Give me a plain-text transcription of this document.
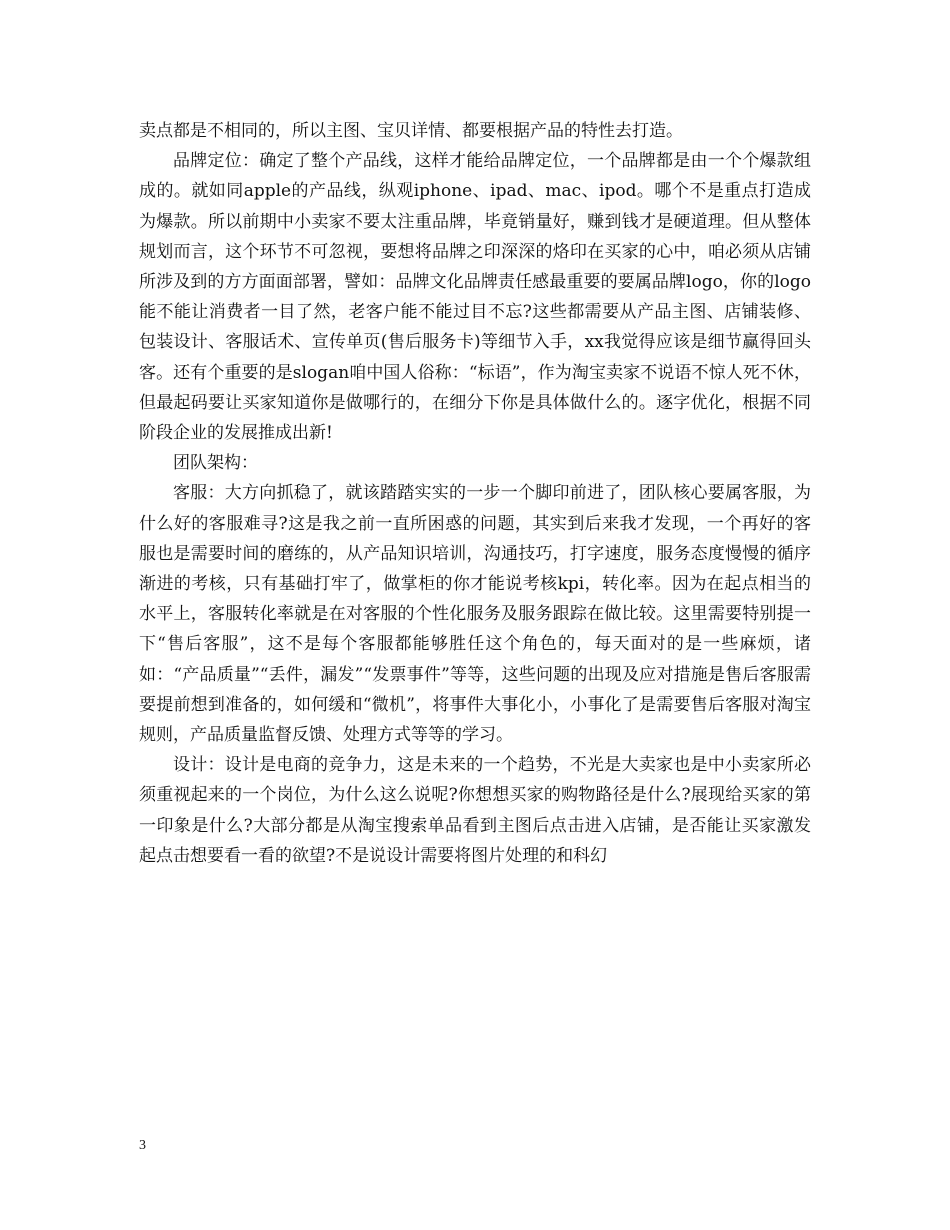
卖点都是不相同的，所以主图、宝贝详情、都要根据产品的特性去打造。

品牌定位：确定了整个产品线，这样才能给品牌定位，一个品牌都是由一个个爆款组成的。就如同apple的产品线，纵观iphone、ipad、mac、ipod。哪个不是重点打造成为爆款。所以前期中小卖家不要太注重品牌，毕竟销量好，赚到钱才是硬道理。但从整体规划而言，这个环节不可忽视，要想将品牌之印深深的烙印在买家的心中，咱必须从店铺所涉及到的方方面面部署，譬如：品牌文化品牌责任感最重要的要属品牌logo，你的logo能不能让消费者一目了然，老客户能不能过目不忘?这些都需要从产品主图、店铺装修、包装设计、客服话术、宣传单页(售后服务卡)等细节入手，xx我觉得应该是细节赢得回头客。还有个重要的是slogan咱中国人俗称：“标语”，作为淘宝卖家不说语不惊人死不休，但最起码要让买家知道你是做哪行的，在细分下你是具体做什么的。逐字优化，根据不同阶段企业的发展推成出新!

团队架构：

客服：大方向抓稳了，就该踏踏实实的一步一个脚印前进了，团队核心要属客服，为什么好的客服难寻?这是我之前一直所困惑的问题，其实到后来我才发现，一个再好的客服也是需要时间的磨练的，从产品知识培训，沟通技巧，打字速度，服务态度慢慢的循序渐进的考核，只有基础打牢了，做掌柜的你才能说考核kpi，转化率。因为在起点相当的水平上，客服转化率就是在对客服的个性化服务及服务跟踪在做比较。这里需要特别提一下“售后客服”，这不是每个客服都能够胜任这个角色的，每天面对的是一些麻烦，诸如：“产品质量”“丢件，漏发”“发票事件”等等，这些问题的出现及应对措施是售后客服需要提前想到准备的，如何缓和“微机”，将事件大事化小，小事化了是需要售后客服对淘宝规则，产品质量监督反馈、处理方式等等的学习。

设计：设计是电商的竞争力，这是未来的一个趋势，不光是大卖家也是中小卖家所必须重视起来的一个岗位，为什么这么说呢?你想想买家的购物路径是什么?展现给买家的第一印象是什么?大部分都是从淘宝搜索单品看到主图后点击进入店铺，是否能让买家激发起点击想要看一看的欲望?不是说设计需要将图片处理的和科幻

3
